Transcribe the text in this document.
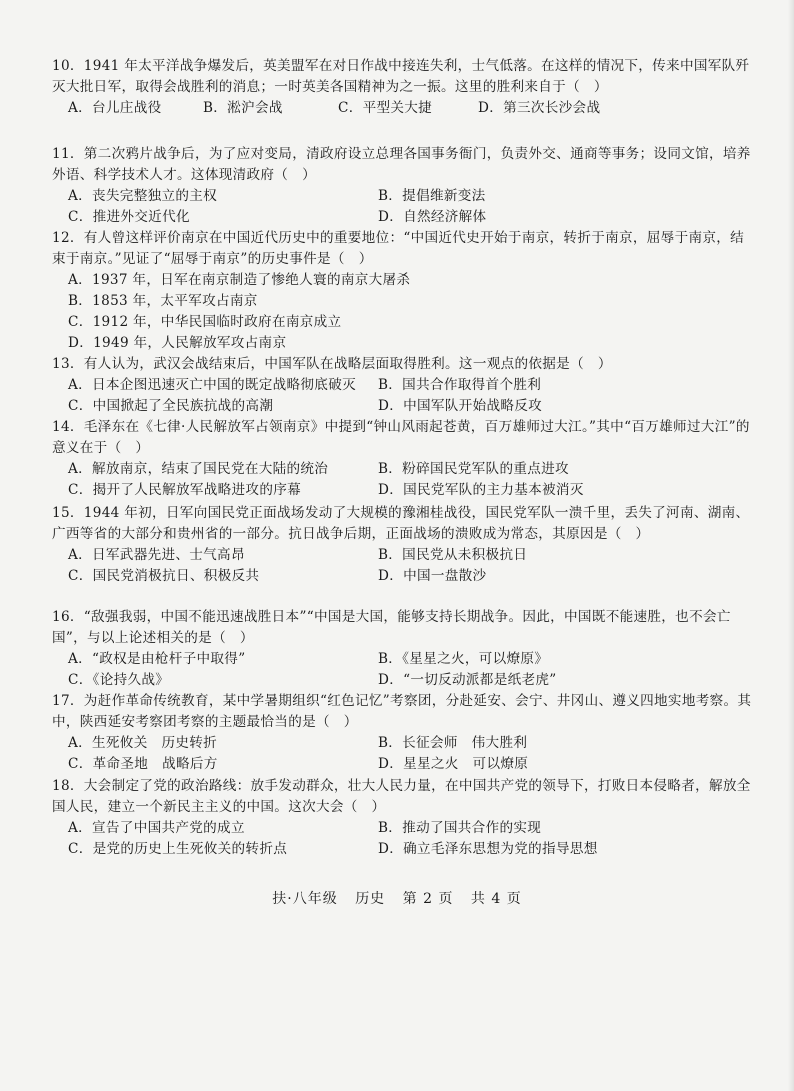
10．1941 年太平洋战争爆发后，英美盟军在对日作战中接连失利，士气低落。在这样的情况下，传来中国军队歼灭大批日军，取得会战胜利的消息；一时英美各国精神为之一振。这里的胜利来自于（　）

A．台儿庄战役	B．淞沪会战	C．平型关大捷	D．第三次长沙会战

11．第二次鸦片战争后，为了应对变局，清政府设立总理各国事务衙门，负责外交、通商等事务；设同文馆，培养外语、科学技术人才。这体现清政府（　）

A．丧失完整独立的主权	B．提倡维新变法
C．推进外交近代化	D．自然经济解体

12．有人曾这样评价南京在中国近代历史中的重要地位：“中国近代史开始于南京，转折于南京，屈辱于南京，结束于南京。”见证了“屈辱于南京”的历史事件是（　）

A．1937 年，日军在南京制造了惨绝人寰的南京大屠杀
B．1853 年，太平军攻占南京
C．1912 年，中华民国临时政府在南京成立
D．1949 年，人民解放军攻占南京

13．有人认为，武汉会战结束后，中国军队在战略层面取得胜利。这一观点的依据是（　）

A．日本企图迅速灭亡中国的既定战略彻底破灭	B．国共合作取得首个胜利
C．中国掀起了全民族抗战的高潮	D．中国军队开始战略反攻

14．毛泽东在《七律·人民解放军占领南京》中提到“钟山风雨起苍黄，百万雄师过大江。”其中“百万雄师过大江”的意义在于（　）

A．解放南京，结束了国民党在大陆的统治	B．粉碎国民党军队的重点进攻
C．揭开了人民解放军战略进攻的序幕	D．国民党军队的主力基本被消灭

15．1944 年初，日军向国民党正面战场发动了大规模的豫湘桂战役，国民党军队一溃千里，丢失了河南、湖南、广西等省的大部分和贵州省的一部分。抗日战争后期，正面战场的溃败成为常态，其原因是（　）

A．日军武器先进、士气高昂	B．国民党从未积极抗日
C．国民党消极抗日、积极反共	D．中国一盘散沙

16．“敌强我弱，中国不能迅速战胜日本”“中国是大国，能够支持长期战争。因此，中国既不能速胜，也不会亡国”，与以上论述相关的是（　）

A．“政权是由枪杆子中取得”	B．《星星之火，可以燎原》
C．《论持久战》	D．“一切反动派都是纸老虎”

17．为赶作革命传统教育，某中学暑期组织“红色记忆”考察团，分赴延安、会宁、井冈山、遵义四地实地考察。其中，陕西延安考察团考察的主题最恰当的是（　）

A．生死攸关　历史转折	B．长征会师　伟大胜利
C．革命圣地　战略后方	D．星星之火　可以燎原

18．大会制定了党的政治路线：放手发动群众，壮大人民力量，在中国共产党的领导下，打败日本侵略者，解放全国人民，建立一个新民主主义的中国。这次大会（　）

A．宣告了中国共产党的成立	B．推动了国共合作的实现
C．是党的历史上生死攸关的转折点	D．确立毛泽东思想为党的指导思想
扶·八年级 历史 第 2 页 共 4 页
